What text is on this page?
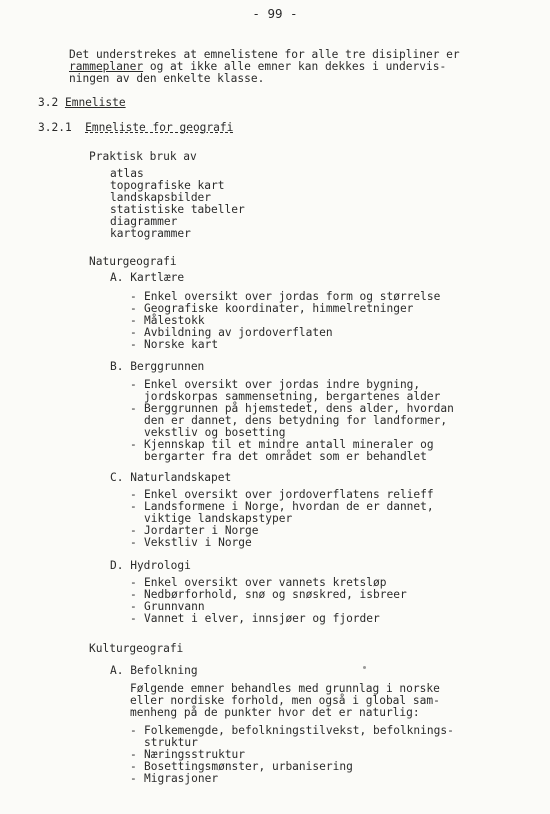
- 99 -
Det understrekes at emnelistene for alle tre disipliner er
rammeplaner og at ikke alle emner kan dekkes i undervis-
ningen av den enkelte klasse.
3.2 Emneliste
3.2.1 Emneliste for geografi
Praktisk bruk av
atlas
topografiske kart
landskapsbilder
statistiske tabeller
diagrammer
kartogrammer
Naturgeografi
A. Kartlære
- Enkel oversikt over jordas form og størrelse
- Geografiske koordinater, himmelretninger
- Målestokk
- Avbildning av jordoverflaten
- Norske kart
B. Berggrunnen
- Enkel oversikt over jordas indre bygning,
jordskorpas sammensetning, bergartenes alder
- Berggrunnen på hjemstedet, dens alder, hvordan
den er dannet, dens betydning for landformer,
vekstliv og bosetting
- Kjennskap til et mindre antall mineraler og
bergarter fra det området som er behandlet
C. Naturlandskapet
- Enkel oversikt over jordoverflatens relieff
- Landsformene i Norge, hvordan de er dannet,
viktige landskapstyper
- Jordarter i Norge
- Vekstliv i Norge
D. Hydrologi
- Enkel oversikt over vannets kretsløp
- Nedbørforhold, snø og snøskred, isbreer
- Grunnvann
- Vannet i elver, innsjøer og fjorder
Kulturgeografi
A. Befolkning
Følgende emner behandles med grunnlag i norske
eller nordiske forhold, men også i global sam-
menheng på de punkter hvor det er naturlig:
- Folkemengde, befolkningstilvekst, befolknings-
struktur
- Næringsstruktur
- Bosettingsmønster, urbanisering
- Migrasjoner
